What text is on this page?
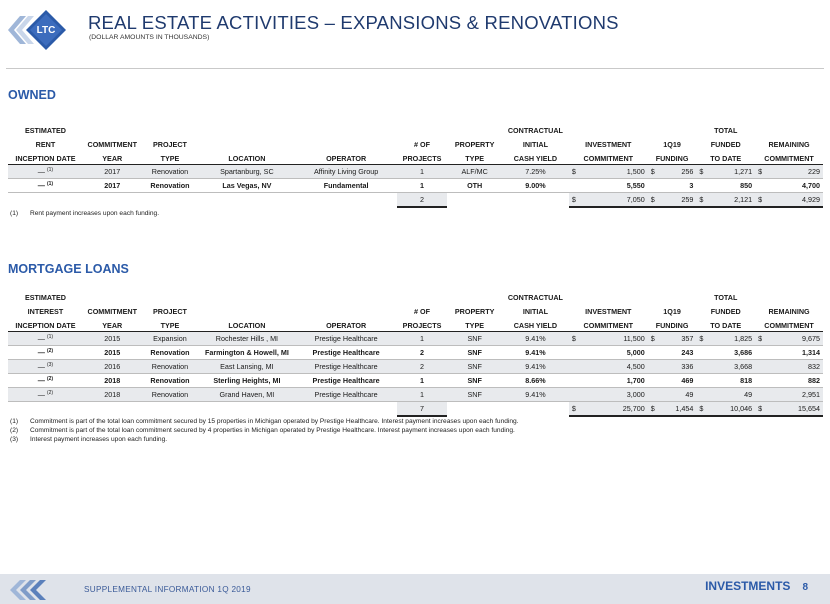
LTC
REIT
REAL ESTATE ACTIVITIES – EXPANSIONS & RENOVATIONS
(DOLLAR AMOUNTS IN THOUSANDS)
OWNED
ESTIMATED							CONTRACTUAL			TOTAL	
RENT	COMMITMENT	PROJECT			# OF	PROPERTY	INITIAL	INVESTMENT	1Q19	FUNDED	REMAINING
INCEPTION DATE	YEAR	TYPE	LOCATION	OPERATOR	PROJECTS	TYPE	CASH YIELD	COMMITMENT	FUNDING	TO DATE	COMMITMENT
— $^{(1)}$	2017	Renovation	Spartanburg, SC	Affinity Living Group	1	ALF/MC	7.25%	$ 1,500	$ 256	$ 1,271	$ 229

— $^{(1)}$	2017	Renovation	Las Vegas, NV	Fundamental	1	OTH	9.00%	5,550	3	850	4,700

					2			$ 7,050	$ 259	$ 2,121	$ 4,929
(1) Rent payment increases upon each funding.
MORTGAGE LOANS
ESTIMATED							CONTRACTUAL			TOTAL	
INTEREST	COMMITMENT	PROJECT			# OF	PROPERTY	INITIAL	INVESTMENT	1Q19	FUNDED	REMAINING
INCEPTION DATE	YEAR	TYPE	LOCATION	OPERATOR	PROJECTS	TYPE	CASH YIELD	COMMITMENT	FUNDING	TO DATE	COMMITMENT
— $^{(1)}$	2015	Expansion	Rochester Hills , MI	Prestige Healthcare	1	SNF	9.41%	$ 11,500	$ 357	$ 1,825	$ 9,675

— $^{(2)}$	2015	Renovation	Farmington & Howell, MI	Prestige Healthcare	2	SNF	9.41%	5,000	243	3,686	1,314

— $^{(3)}$	2016	Renovation	East Lansing, MI	Prestige Healthcare	2	SNF	9.41%	4,500	336	3,668	832

— $^{(2)}$	2018	Renovation	Sterling Heights, MI	Prestige Healthcare	1	SNF	8.66%	1,700	469	818	882

— $^{(2)}$	2018	Renovation	Grand Haven, MI	Prestige Healthcare	1	SNF	9.41%	3,000	49	49	2,951

					7			$ 25,700	$ 1,454	$ 10,046	$ 15,654
(1) Commitment is part of the total loan commitment secured by 15 properties in Michigan operated by Prestige Healthcare. Interest payment increases upon each funding.
(2) Commitment is part of the total loan commitment secured by 4 properties in Michigan operated by Prestige Healthcare. Interest payment increases upon each funding.
(3) Interest payment increases upon each funding.
SUPPLEMENTAL INFORMATION 1Q 2019	INVESTMENTS 8
